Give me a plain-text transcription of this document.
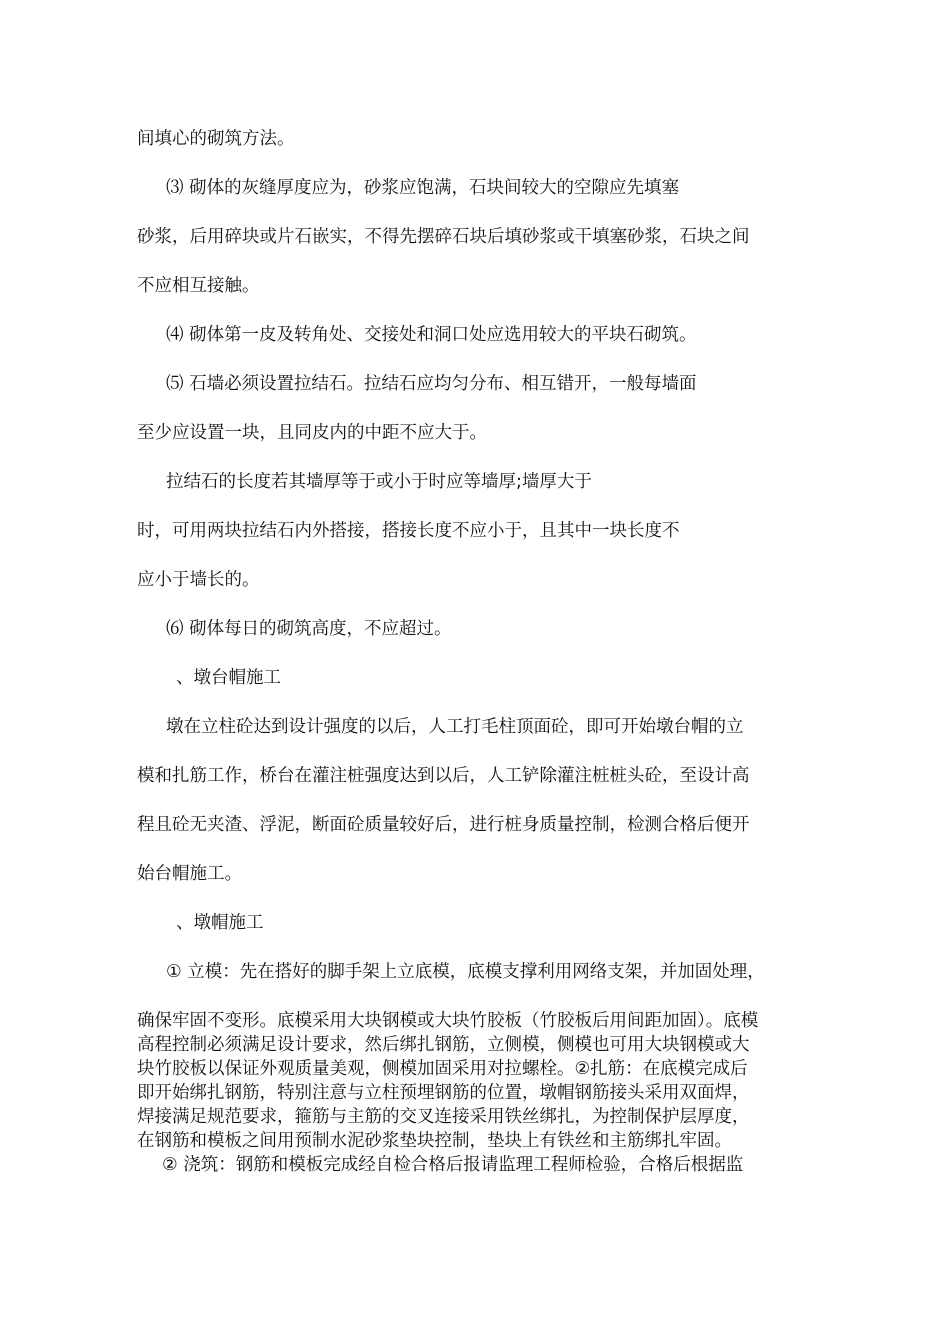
间填心的砌筑方法。
⑶ 砌体的灰缝厚度应为，砂浆应饱满，石块间较大的空隙应先填塞
砂浆，后用碎块或片石嵌实，不得先摆碎石块后填砂浆或干填塞砂浆，石块之间
不应相互接触。
⑷ 砌体第一皮及转角处、交接处和洞口处应选用较大的平块石砌筑。
⑸ 石墙必须设置拉结石。拉结石应均匀分布、相互错开，一般每墙面
至少应设置一块，且同皮内的中距不应大于。
拉结石的长度若其墙厚等于或小于时应等墙厚;墙厚大于
时，可用两块拉结石内外搭接，搭接长度不应小于，且其中一块长度不
应小于墙长的。
⑹ 砌体每日的砌筑高度，不应超过。
、墩台帽施工
墩在立柱砼达到设计强度的以后，人工打毛柱顶面砼，即可开始墩台帽的立
模和扎筋工作，桥台在灌注桩强度达到以后，人工铲除灌注桩桩头砼，至设计高
程且砼无夹渣、浮泥，断面砼质量较好后，进行桩身质量控制，检测合格后便开
始台帽施工。
、墩帽施工
① 立模：先在搭好的脚手架上立底模，底模支撑利用网络支架，并加固处理，
确保牢固不变形。底模采用大块钢模或大块竹胶板（竹胶板后用间距加固）。底模
高程控制必须满足设计要求，然后绑扎钢筋，立侧模，侧模也可用大块钢模或大
块竹胶板以保证外观质量美观，侧模加固采用对拉螺栓。②扎筋：在底模完成后
即开始绑扎钢筋，特别注意与立柱预埋钢筋的位置，墩帽钢筋接头采用双面焊，
焊接满足规范要求，箍筋与主筋的交叉连接采用铁丝绑扎，为控制保护层厚度，
在钢筋和模板之间用预制水泥砂浆垫块控制，垫块上有铁丝和主筋绑扎牢固。
② 浇筑：钢筋和模板完成经自检合格后报请监理工程师检验，合格后根据监
